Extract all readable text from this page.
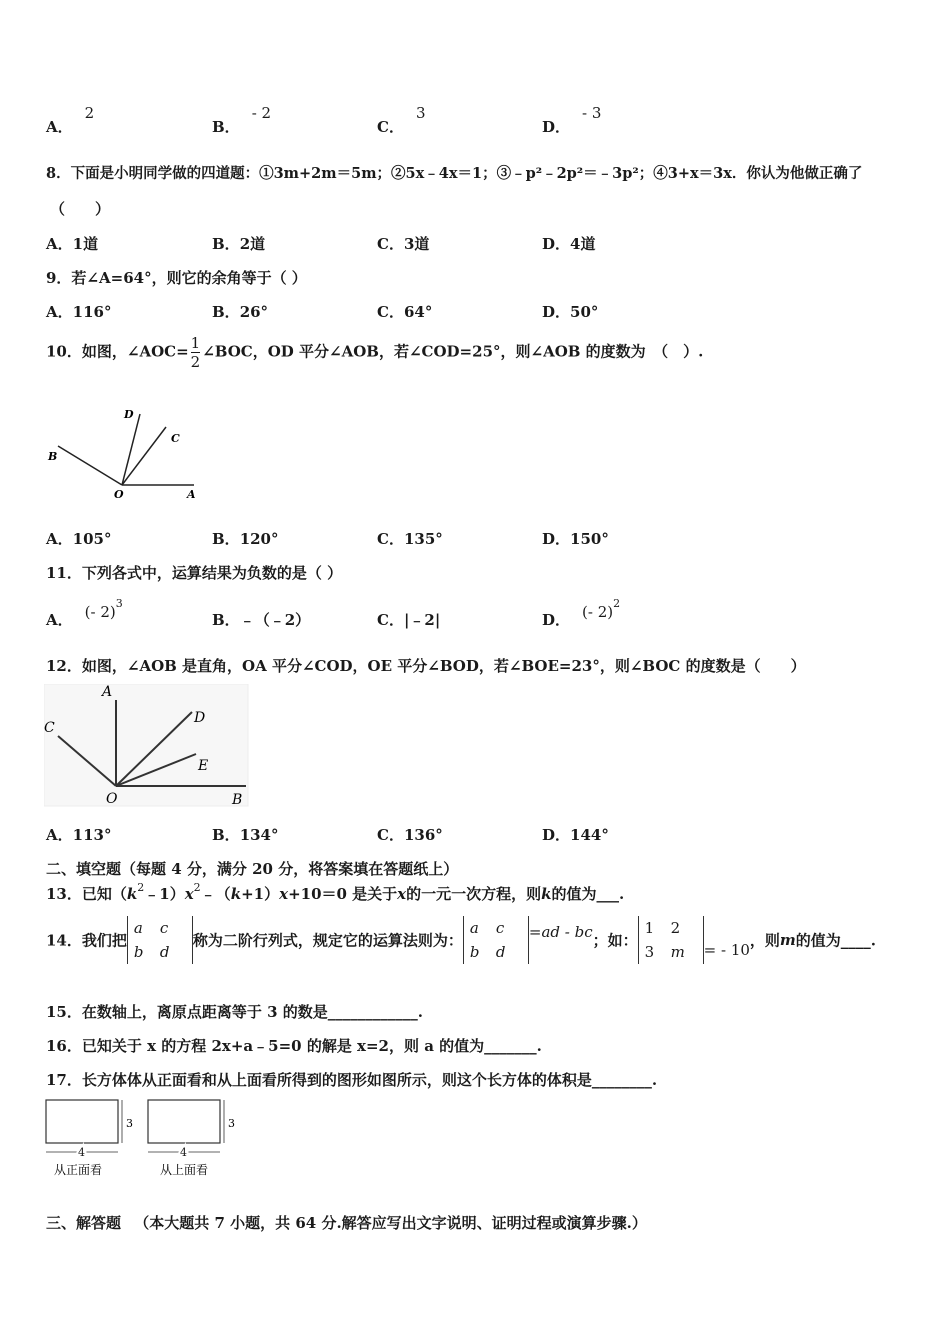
A．2
B．- 2
C．3
D．- 3
8．下面是小明同学做的四道题：①3m+2m＝5m；②5x﹣4x＝1；③﹣p²﹣2p²＝﹣3p²；④3+x＝3x．你认为他做正确了
（　　）
A．1道	B．2道	C．3道	D．4道
9．若∠A=64°，则它的余角等于（ ）
A．116°	B．26°	C．64°	D．50°
10．如图，∠AOC= $\frac{1}{2}$ ∠BOC，OD 平分∠AOB，若∠COD=25°，则∠AOB 的度数为　（　）.
D
C
B
O	A
A．105°	B．120°	C．135°	D．150°
11．下列各式中，运算结果为负数的是（ ）
A． (- 2)$^3$
B．﹣（﹣2）	C．|﹣2|	D． (- 2)$^2$
12．如图，∠AOB 是直角，OA 平分∠COD，OE 平分∠BOD，若∠BOE=23°，则∠BOC 的度数是（　　）
A
C
D
E
O	B
A．113°	B．134°	C．136°	D．144°
二、填空题（每题 4 分，满分 20 分，将答案填在答题纸上）
13．已知$(k^2﹣1)x^2﹣(k+1)x+10=0$ 是关于x的一元一次方程，则k的值为___.
14．我们把
a c
b d
称为二阶行列式，规定它的运算法则为：
a c
b d
=ad - bc；如：
1 2
3 m	= - 10，则m的值为____.
15．在数轴上，离原点距离等于 3 的数是____________.
16．已知关于 x 的方程 2x+a﹣5=0 的解是 x=2，则 a 的值为_______.
17．长方体体从正面看和从上面看所得到的图形如图所示，则这个长方体的体积是________.
3
4
从正面看
3
4
从上面看
三、解答题 （本大题共 7 小题，共 64 分.解答应写出文字说明、证明过程或演算步骤.）
